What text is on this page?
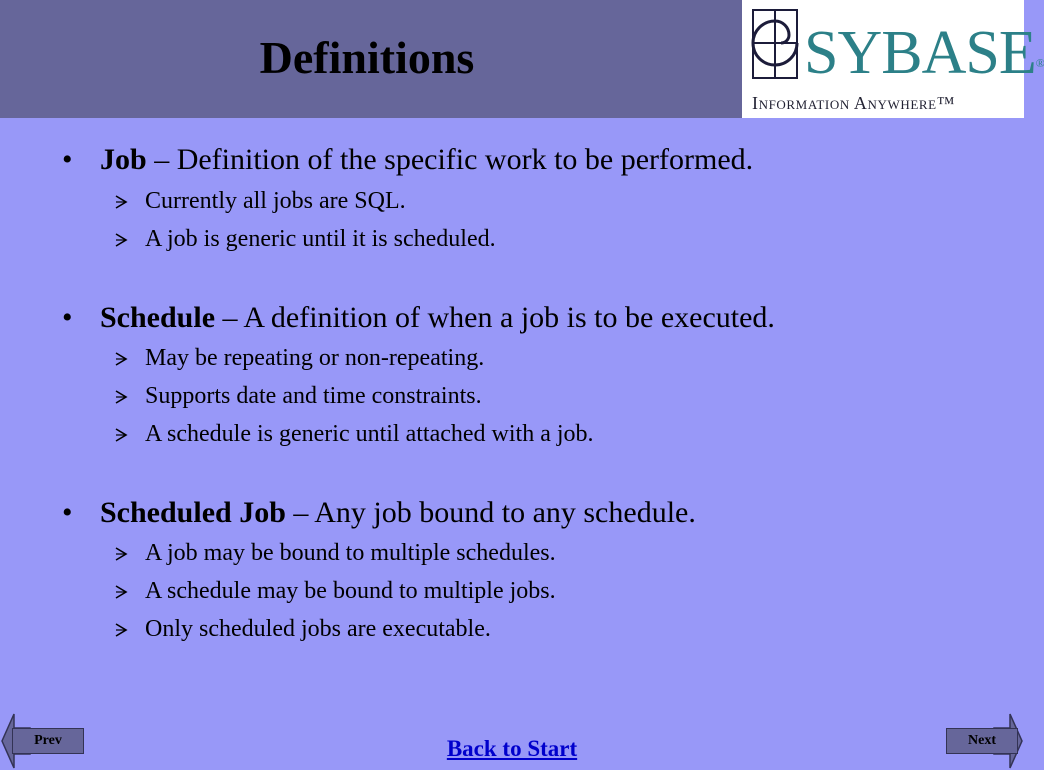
Definitions	SYBASE®
Information Anywhere™
• Job – Definition of the specific work to be performed.
Currently all jobs are SQL.
A job is generic until it is scheduled.
• Schedule – A definition of when a job is to be executed.
May be repeating or non-repeating.
Supports date and time constraints.
A schedule is generic until attached with a job.
• Scheduled Job – Any job bound to any schedule.
A job may be bound to multiple schedules.
A schedule may be bound to multiple jobs.
Only scheduled jobs are executable.
Prev	Next
Back to Start
